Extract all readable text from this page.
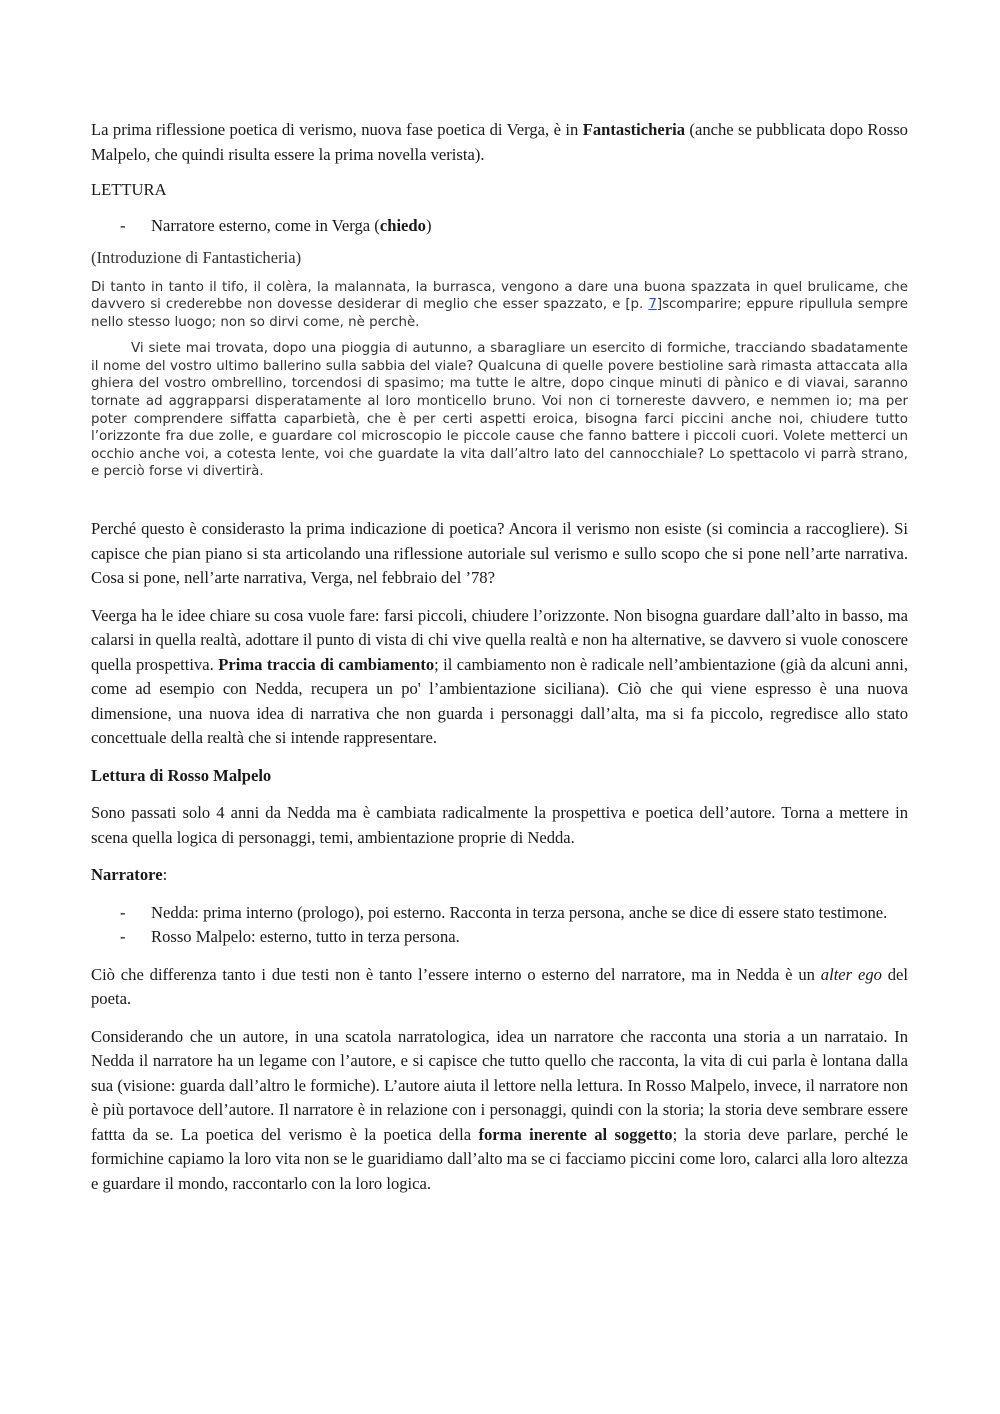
La prima riflessione poetica di verismo, nuova fase poetica di Verga, è in Fantasticheria (anche se pubblicata dopo Rosso Malpelo, che quindi risulta essere la prima novella verista).

LETTURA

- Narratore esterno, come in Verga (chiedo)

(Introduzione di Fantasticheria)

Di tanto in tanto il tifo, il colèra, la malannata, la burrasca, vengono a dare una buona spazzata in quel brulicame, che davvero si crederebbe non dovesse desiderar di meglio che esser spazzato, e [p. 7]scomparire; eppure ripullula sempre nello stesso luogo; non so dirvi come, nè perchè.

Vi siete mai trovata, dopo una pioggia di autunno, a sbaragliare un esercito di formiche, tracciando sbadatamente il nome del vostro ultimo ballerino sulla sabbia del viale? Qualcuna di quelle povere bestioline sarà rimasta attaccata alla ghiera del vostro ombrellino, torcendosi di spasimo; ma tutte le altre, dopo cinque minuti di pànico e di viavai, saranno tornate ad aggrapparsi disperatamente al loro monticello bruno. Voi non ci tornereste davvero, e nemmen io; ma per poter comprendere siffatta caparbietà, che è per certi aspetti eroica, bisogna farci piccini anche noi, chiudere tutto l’orizzonte fra due zolle, e guardare col microscopio le piccole cause che fanno battere i piccoli cuori. Volete metterci un occhio anche voi, a cotesta lente, voi che guardate la vita dall’altro lato del cannocchiale? Lo spettacolo vi parrà strano, e perciò forse vi divertirà.

Perché questo è considerasto la prima indicazione di poetica? Ancora il verismo non esiste (si comincia a raccogliere). Si capisce che pian piano si sta articolando una riflessione autoriale sul verismo e sullo scopo che si pone nell’arte narrativa. Cosa si pone, nell’arte narrativa, Verga, nel febbraio del ’78?

Veerga ha le idee chiare su cosa vuole fare: farsi piccoli, chiudere l’orizzonte. Non bisogna guardare dall’alto in basso, ma calarsi in quella realtà, adottare il punto di vista di chi vive quella realtà e non ha alternative, se davvero si vuole conoscere quella prospettiva. Prima traccia di cambiamento; il cambiamento non è radicale nell’ambientazione (già da alcuni anni, come ad esempio con Nedda, recupera un po' l’ambientazione siciliana). Ciò che qui viene espresso è una nuova dimensione, una nuova idea di narrativa che non guarda i personaggi dall’alta, ma si fa piccolo, regredisce allo stato concettuale della realtà che si intende rappresentare.

Lettura di Rosso Malpelo

Sono passati solo 4 anni da Nedda ma è cambiata radicalmente la prospettiva e poetica dell’autore. Torna a mettere in scena quella logica di personaggi, temi, ambientazione proprie di Nedda.

Narratore:

- Nedda: prima interno (prologo), poi esterno. Racconta in terza persona, anche se dice di essere stato testimone.
- Rosso Malpelo: esterno, tutto in terza persona.

Ciò che differenza tanto i due testi non è tanto l’essere interno o esterno del narratore, ma in Nedda è un alter ego del poeta.

Considerando che un autore, in una scatola narratologica, idea un narratore che racconta una storia a un narrataio. In Nedda il narratore ha un legame con l’autore, e si capisce che tutto quello che racconta, la vita di cui parla è lontana dalla sua (visione: guarda dall’altro le formiche). L’autore aiuta il lettore nella lettura. In Rosso Malpelo, invece, il narratore non è più portavoce dell’autore. Il narratore è in relazione con i personaggi, quindi con la storia; la storia deve sembrare essere fattta da se. La poetica del verismo è la poetica della forma inerente al soggetto; la storia deve parlare, perché le formichine capiamo la loro vita non se le guaridiamo dall’alto ma se ci facciamo piccini come loro, calarci alla loro altezza e guardare il mondo, raccontarlo con la loro logica.
